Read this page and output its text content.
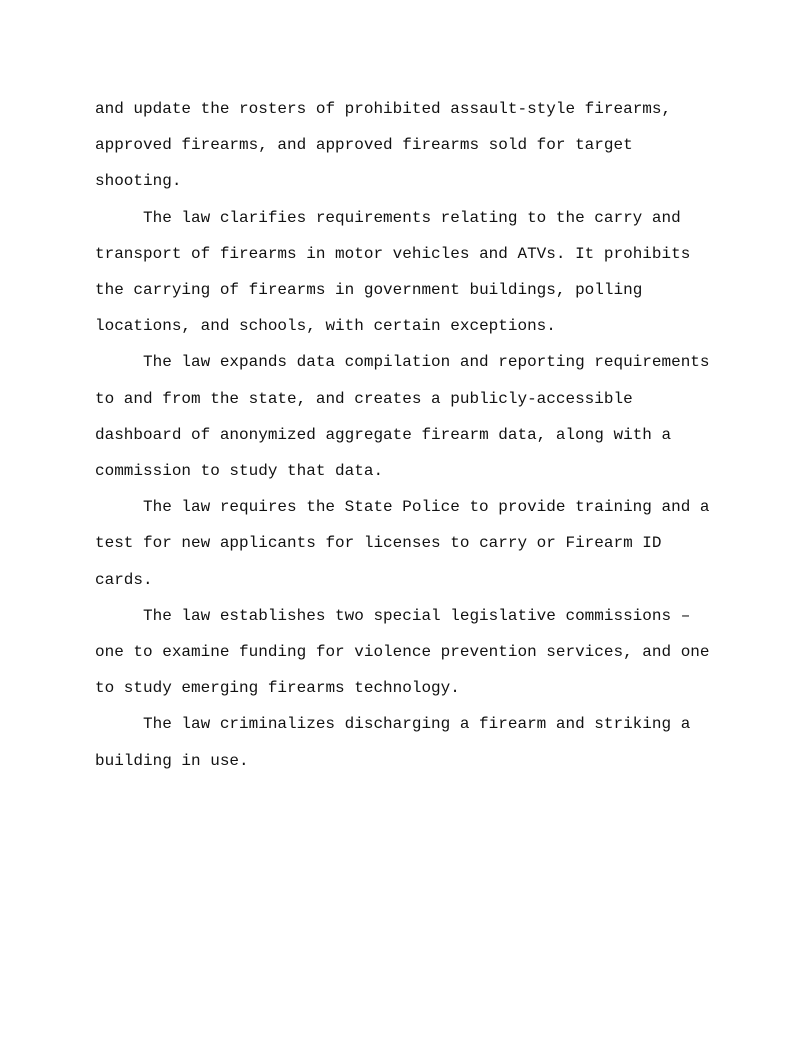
and update the rosters of prohibited assault-style firearms,
approved firearms, and approved firearms sold for target
shooting.

The law clarifies requirements relating to the carry and
transport of firearms in motor vehicles and ATVs. It prohibits
the carrying of firearms in government buildings, polling
locations, and schools, with certain exceptions.

The law expands data compilation and reporting requirements
to and from the state, and creates a publicly-accessible
dashboard of anonymized aggregate firearm data, along with a
commission to study that data.

The law requires the State Police to provide training and a
test for new applicants for licenses to carry or Firearm ID
cards.

The law establishes two special legislative commissions –
one to examine funding for violence prevention services, and one
to study emerging firearms technology.

The law criminalizes discharging a firearm and striking a
building in use.
